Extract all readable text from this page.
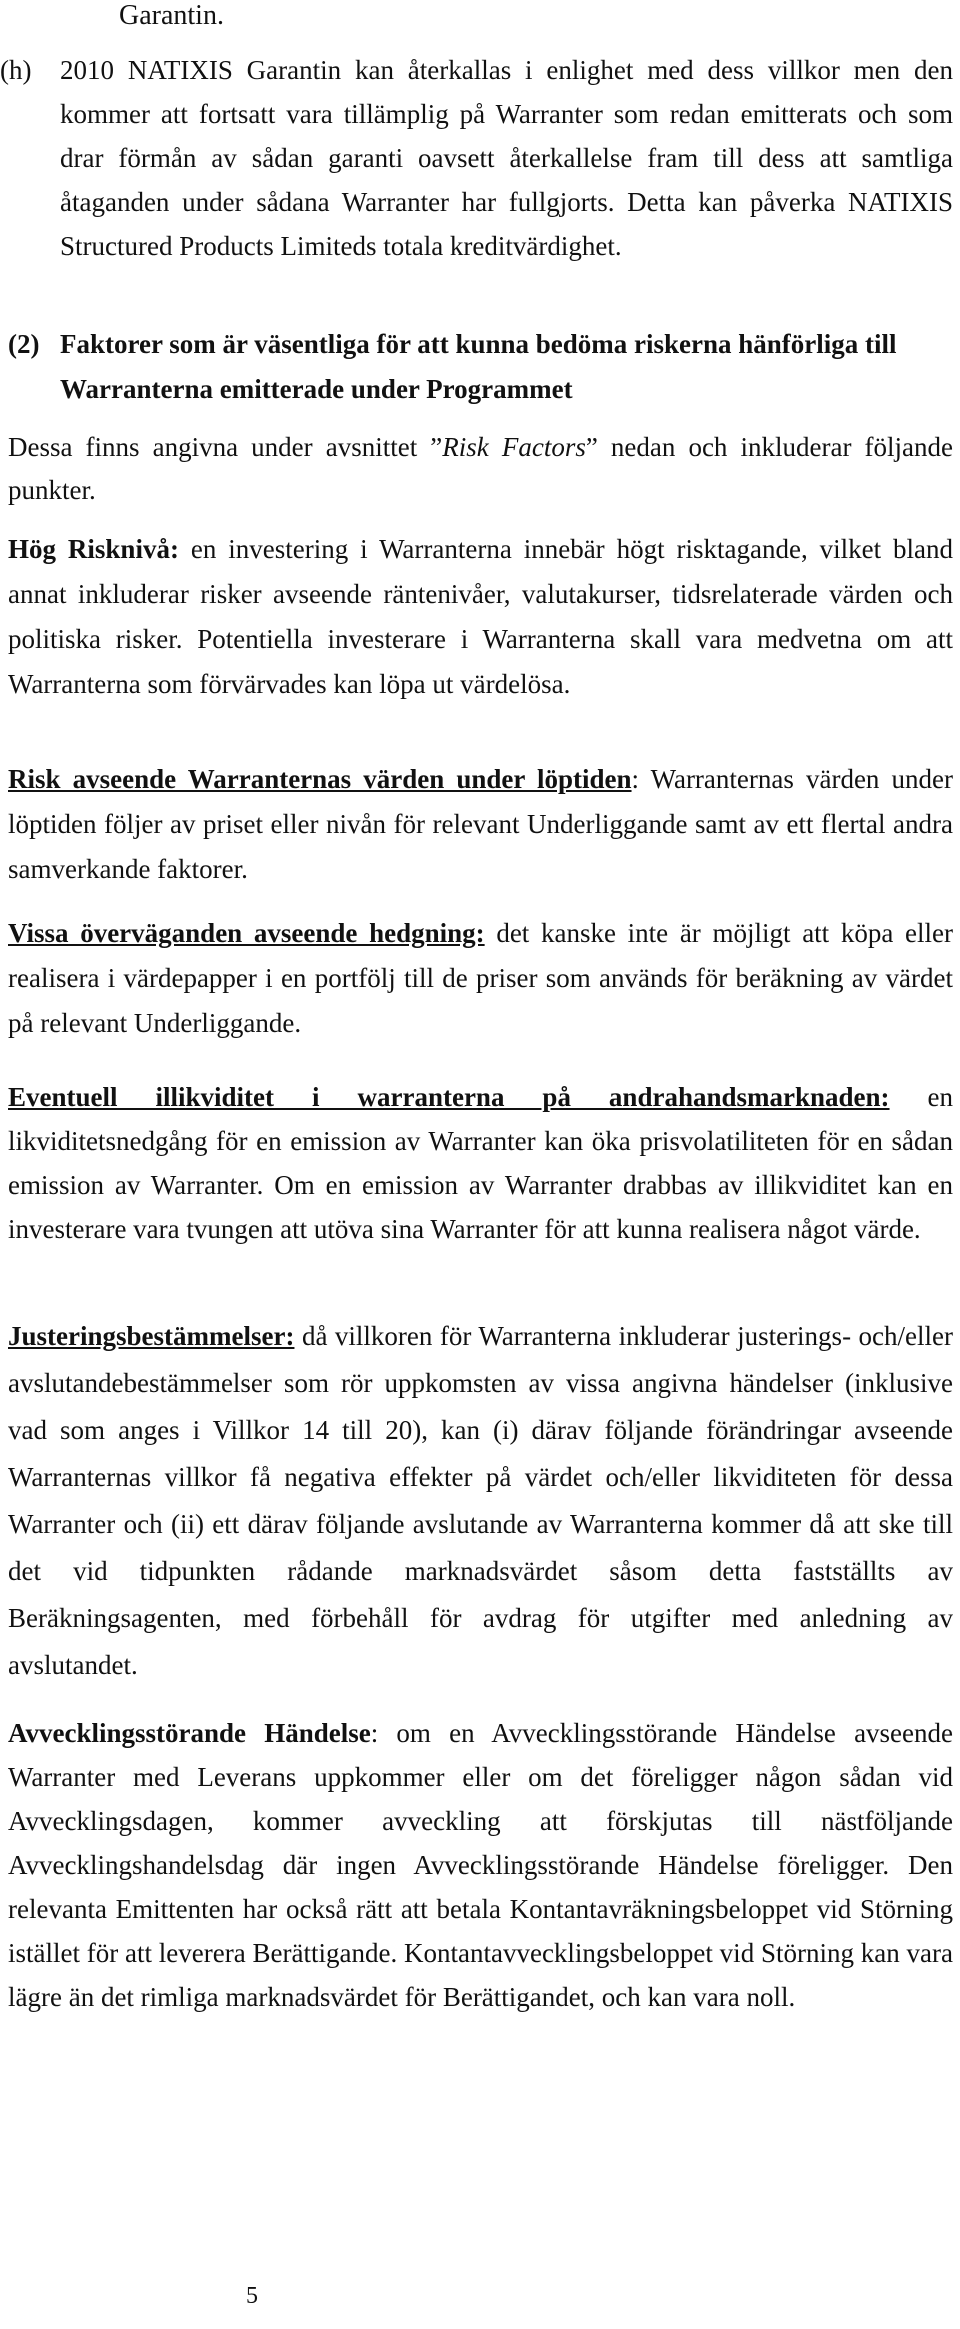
Garantin.
(h) 2010 NATIXIS Garantin kan återkallas i enlighet med dess villkor men den kommer att fortsatt vara tillämplig på Warranter som redan emitterats och som drar förmån av sådan garanti oavsett återkallelse fram till dess att samtliga åtaganden under sådana Warranter har fullgjorts. Detta kan påverka NATIXIS Structured Products Limiteds totala kreditvärdighet.
(2) Faktorer som är väsentliga för att kunna bedöma riskerna hänförliga till Warranterna emitterade under Programmet
Dessa finns angivna under avsnittet ”Risk Factors” nedan och inkluderar följande punkter.
Hög Risknivå: en investering i Warranterna innebär högt risktagande, vilket bland annat inkluderar risker avseende räntenivåer, valutakurser, tidsrelaterade värden och politiska risker. Potentiella investerare i Warranterna skall vara medvetna om att Warranterna som förvärvades kan löpa ut värdelösa.
Risk avseende Warranternas värden under löptiden: Warranternas värden under löptiden följer av priset eller nivån för relevant Underliggande samt av ett flertal andra samverkande faktorer.
Vissa överväganden avseende hedgning: det kanske inte är möjligt att köpa eller realisera i värdepapper i en portfölj till de priser som används för beräkning av värdet på relevant Underliggande.
Eventuell illikviditet i warranterna på andrahandsmarknaden: en likviditetsnedgång för en emission av Warranter kan öka prisvolatiliteten för en sådan emission av Warranter. Om en emission av Warranter drabbas av illikviditet kan en investerare vara tvungen att utöva sina Warranter för att kunna realisera något värde.
Justeringsbestämmelser: då villkoren för Warranterna inkluderar justerings- och/eller avslutandebestämmelser som rör uppkomsten av vissa angivna händelser (inklusive vad som anges i Villkor 14 till 20), kan (i) därav följande förändringar avseende Warranternas villkor få negativa effekter på värdet och/eller likviditeten för dessa Warranter och (ii) ett därav följande avslutande av Warranterna kommer då att ske till det vid tidpunkten rådande marknadsvärdet såsom detta fastställts av Beräkningsagenten, med förbehåll för avdrag för utgifter med anledning av avslutandet.
Avvecklingsstörande Händelse: om en Avvecklingsstörande Händelse avseende Warranter med Leverans uppkommer eller om det föreligger någon sådan vid Avvecklingsdagen, kommer avveckling att förskjutas till nästföljande Avvecklingshandelsdag där ingen Avvecklingsstörande Händelse föreligger. Den relevanta Emittenten har också rätt att betala Kontantavräkningsbeloppet vid Störning istället för att leverera Berättigande. Kontantavvecklingsbeloppet vid Störning kan vara lägre än det rimliga marknadsvärdet för Berättigandet, och kan vara noll.
5
